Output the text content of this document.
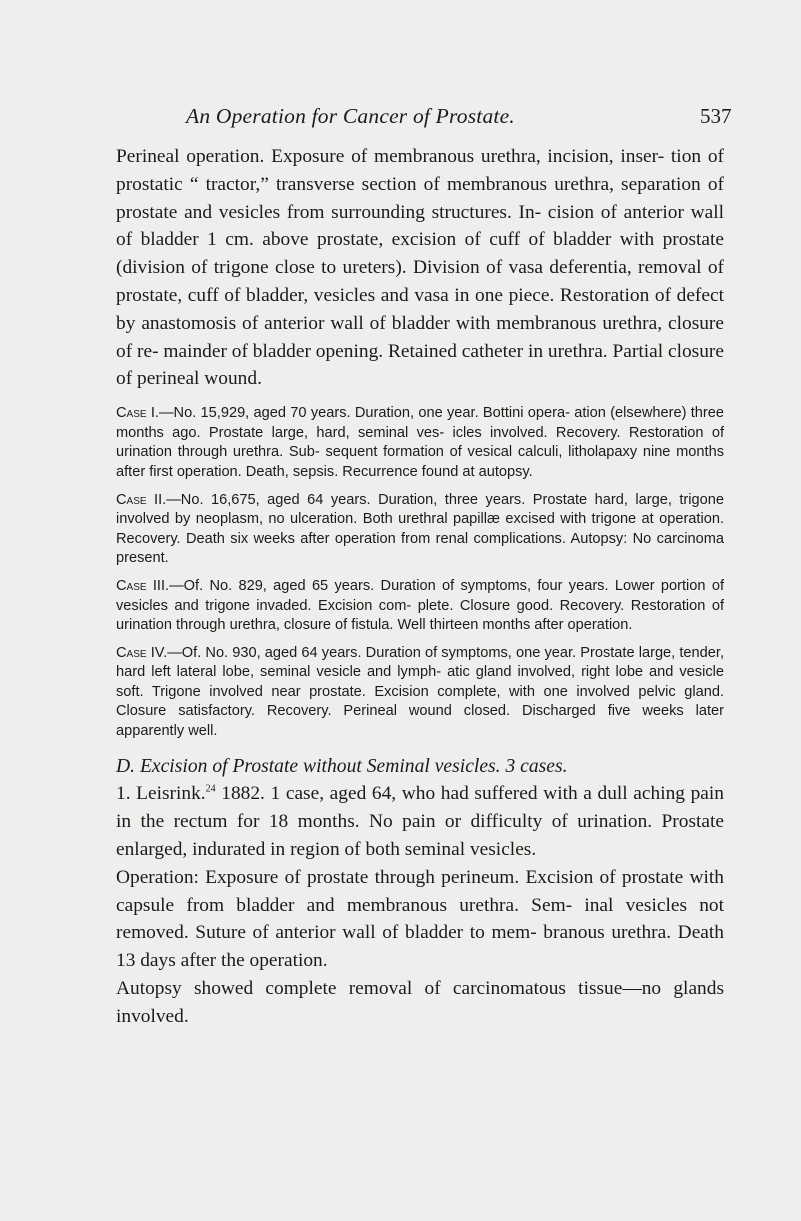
An Operation for Cancer of Prostate.	537

Perineal operation. Exposure of membranous urethra, incision, inser- tion of prostatic “ tractor,” transverse section of membranous urethra, separation of prostate and vesicles from surrounding structures. In- cision of anterior wall of bladder 1 cm. above prostate, excision of cuff of bladder with prostate (division of trigone close to ureters). Division of vasa deferentia, removal of prostate, cuff of bladder, vesicles and vasa in one piece. Restoration of defect by anastomosis of anterior wall of bladder with membranous urethra, closure of re- mainder of bladder opening. Retained catheter in urethra. Partial closure of perineal wound.

Case I.—No. 15,929, aged 70 years. Duration, one year. Bottini opera- ation (elsewhere) three months ago. Prostate large, hard, seminal ves- icles involved. Recovery. Restoration of urination through urethra. Sub- sequent formation of vesical calculi, litholapaxy nine months after first operation. Death, sepsis. Recurrence found at autopsy.

Case II.—No. 16,675, aged 64 years. Duration, three years. Prostate hard, large, trigone involved by neoplasm, no ulceration. Both urethral papillæ excised with trigone at operation. Recovery. Death six weeks after operation from renal complications. Autopsy: No carcinoma present.

Case III.—Of. No. 829, aged 65 years. Duration of symptoms, four years. Lower portion of vesicles and trigone invaded. Excision com- plete. Closure good. Recovery. Restoration of urination through urethra, closure of fistula. Well thirteen months after operation.

Case IV.—Of. No. 930, aged 64 years. Duration of symptoms, one year. Prostate large, tender, hard left lateral lobe, seminal vesicle and lymph- atic gland involved, right lobe and vesicle soft. Trigone involved near prostate. Excision complete, with one involved pelvic gland. Closure satisfactory. Recovery. Perineal wound closed. Discharged five weeks later apparently well.

D. Excision of Prostate without Seminal vesicles. 3 cases.

1. Leisrink.$^{24}$ 1882. 1 case, aged 64, who had suffered with a dull aching pain in the rectum for 18 months. No pain or difficulty of urination. Prostate enlarged, indurated in region of both seminal vesicles.

Operation: Exposure of prostate through perineum. Excision of prostate with capsule from bladder and membranous urethra. Sem- inal vesicles not removed. Suture of anterior wall of bladder to mem- branous urethra. Death 13 days after the operation.

Autopsy showed complete removal of carcinomatous tissue—no glands involved.
